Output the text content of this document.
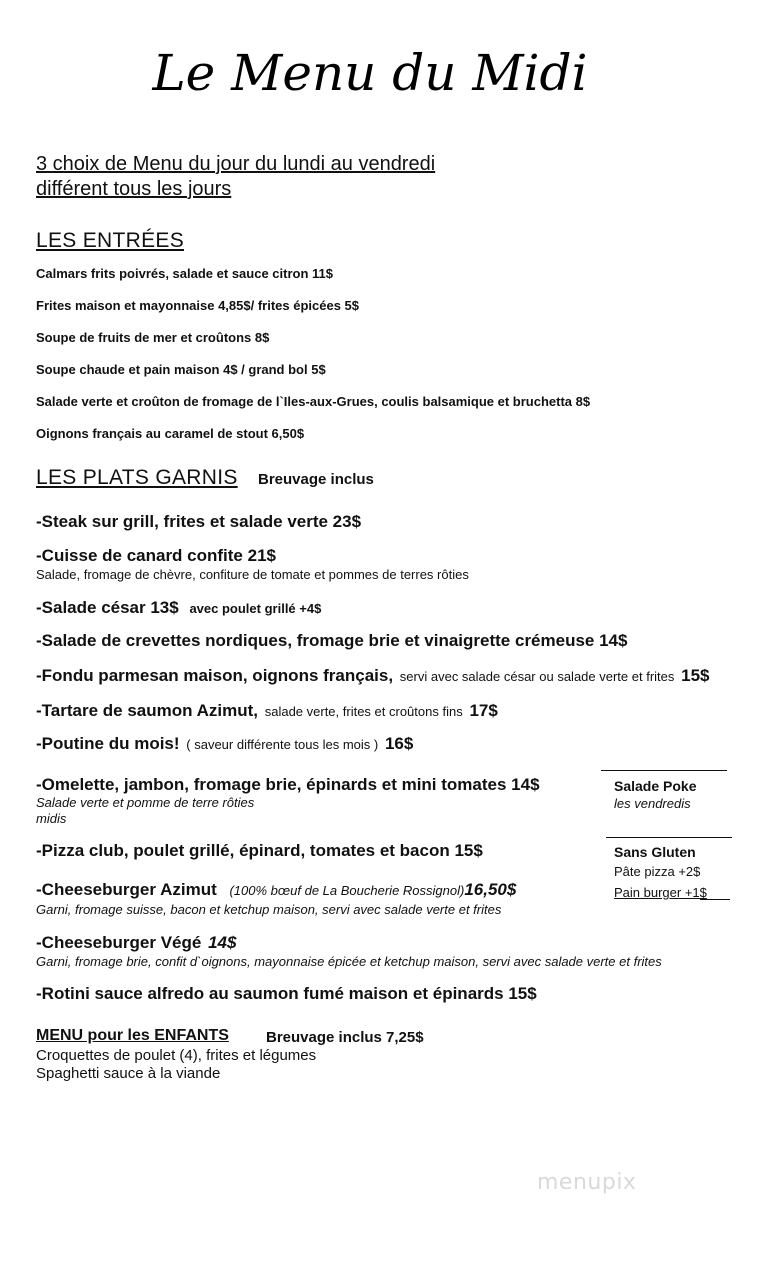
Le Menu du Midi
3 choix de Menu du jour du lundi au vendredi
différent tous les jours
LES ENTRÉES
Calmars frits poivrés, salade et sauce citron 11$
Frites maison et mayonnaise 4,85$/ frites épicées 5$
Soupe de fruits de mer et croûtons 8$
Soupe chaude et pain maison 4$ / grand bol 5$
Salade verte et croûton de fromage de l`Iles-aux-Grues, coulis balsamique et bruchetta 8$
Oignons français au caramel de stout 6,50$
LES PLATS GARNIS Breuvage inclus
-Steak sur grill, frites et salade verte 23$
-Cuisse de canard confite 21$
Salade, fromage de chèvre, confiture de tomate et pommes de terres rôties
-Salade césar 13$ avec poulet grillé +4$
-Salade de crevettes nordiques, fromage brie et vinaigrette crémeuse 14$
-Fondu parmesan maison, oignons français, servi avec salade césar ou salade verte et frites 15$
-Tartare de saumon Azimut, salade verte, frites et croûtons fins 17$
-Poutine du mois! ( saveur différente tous les mois ) 16$
-Omelette, jambon, fromage brie, épinards et mini tomates 14$
Salade verte et pomme de terre rôties
midis
-Pizza club, poulet grillé, épinard, tomates et bacon 15$
-Cheeseburger Azimut (100% bœuf de La Boucherie Rossignol)16,50$
Garni, fromage suisse, bacon et ketchup maison, servi avec salade verte et frites
-Cheeseburger Végé 14$
Garni, fromage brie, confit d`oignons, mayonnaise épicée et ketchup maison, servi avec salade verte et frites
-Rotini sauce alfredo au saumon fumé maison et épinards 15$
Salade Poke
les vendredis
Sans Gluten
Pâte pizza +2$
Pain burger +1$
MENU pour les ENFANTS Breuvage inclus 7,25$
Croquettes de poulet (4), frites et légumes
Spaghetti sauce à la viande
menupix
